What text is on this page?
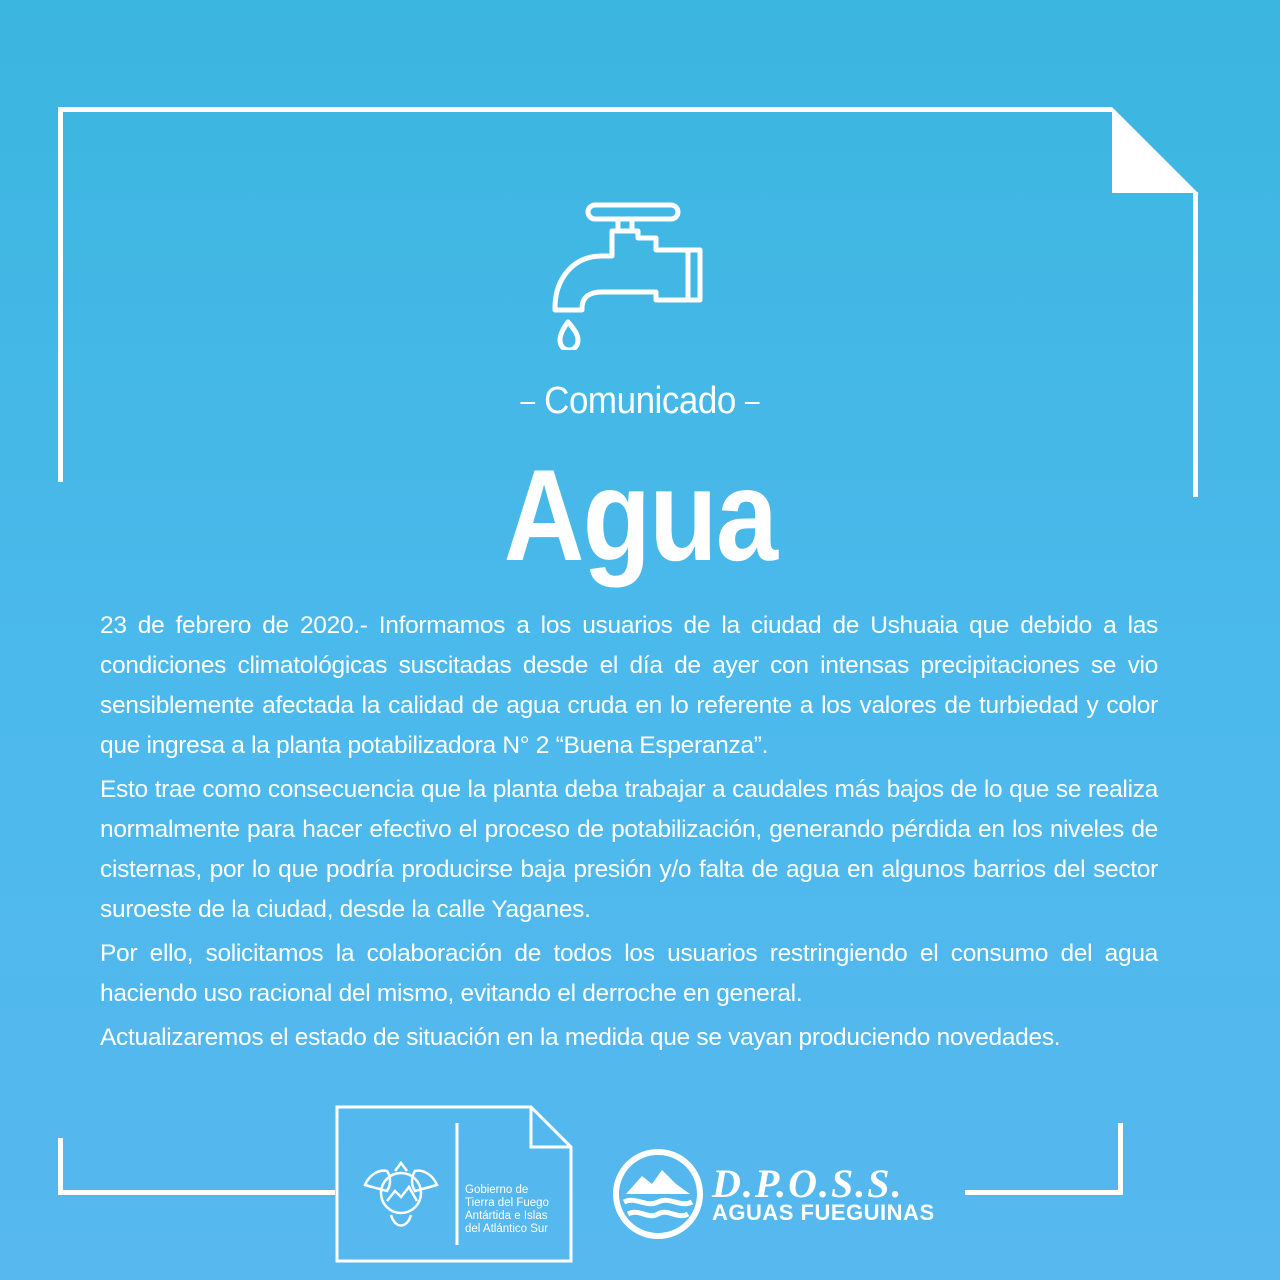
Comunicado
Agua

23 de febrero de 2020.- Informamos a los usuarios de la ciudad de Ushuaia que debido a las condiciones climatológicas suscitadas desde el día de ayer con intensas precipitaciones se vio sensiblemente afectada la calidad de agua cruda en lo referente a los valores de turbiedad y color que ingresa a la planta potabilizadora N° 2 “Buena Esperanza”.

Esto trae como consecuencia que la planta deba trabajar a caudales más bajos de lo que se realiza normalmente para hacer efectivo el proceso de potabilización, generando pérdida en los niveles de cisternas, por lo que podría producirse baja presión y/o falta de agua en algunos barrios del sector suroeste de la ciudad, desde la calle Yaganes.

Por ello, solicitamos la colaboración de todos los usuarios restringiendo el consumo del agua haciendo uso racional del mismo, evitando el derroche en general.

Actualizaremos el estado de situación en la medida que se vayan produciendo novedades.

Gobierno de
Tierra del Fuego
Antártida e Islas
del Atlántico Sur
D.P.O.S.S.
AGUAS FUEGUINAS
